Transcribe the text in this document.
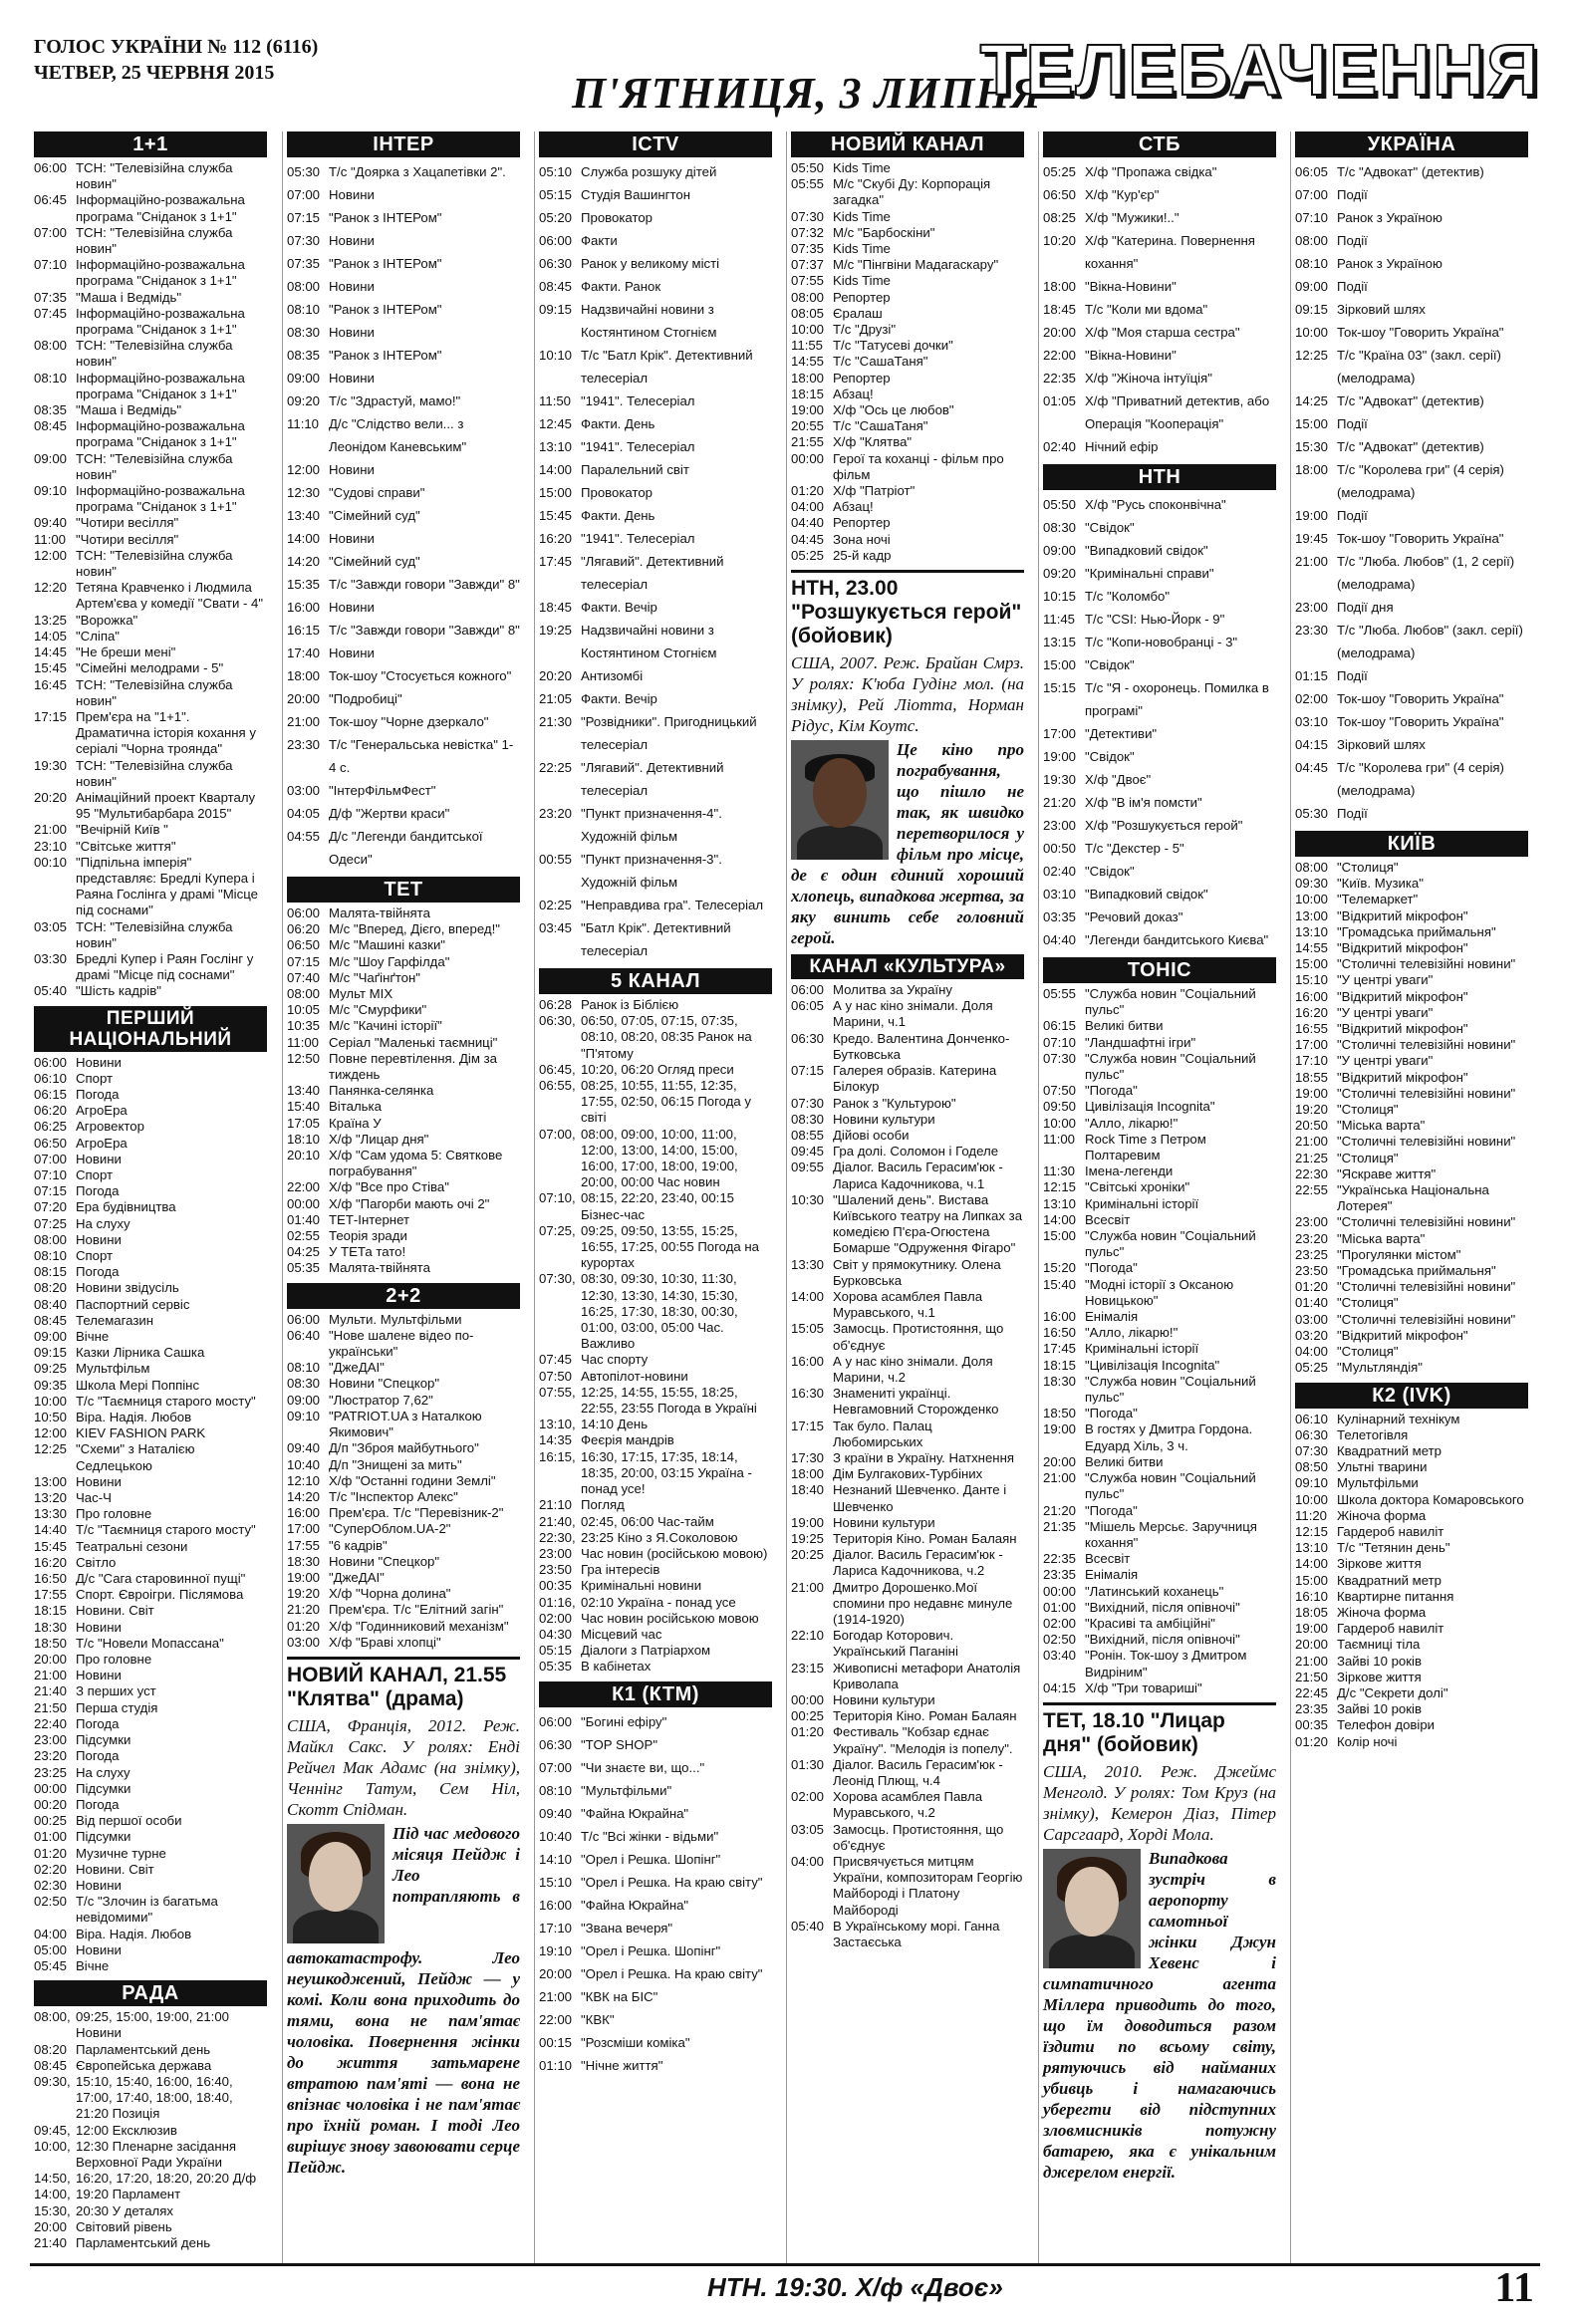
ГОЛОС УКРАЇНИ № 112 (6116)
ЧЕТВЕР, 25 ЧЕРВНЯ 2015	П'ЯТНИЦЯ, 3 ЛИПНЯ
ТЕЛЕБАЧЕННЯ
1+1
06:00 ТСН: "Телевізійна служба новин"
06:45 Інформаційно-розважальна програма "Сніданок з 1+1"
07:00 ТСН: "Телевізійна служба новин"
07:10 Інформаційно-розважальна програма "Сніданок з 1+1"
07:35 "Маша і Ведмідь"
07:45 Інформаційно-розважальна програма "Сніданок з 1+1"
08:00 ТСН: "Телевізійна служба новин"
08:10 Інформаційно-розважальна програма "Сніданок з 1+1"
08:35 "Маша і Ведмідь"
08:45 Інформаційно-розважальна програма "Сніданок з 1+1"
09:00 ТСН: "Телевізійна служба новин"
09:10 Інформаційно-розважальна програма "Сніданок з 1+1"
09:40 "Чотири весілля"
11:00 "Чотири весілля"
12:00 ТСН: "Телевізійна служба новин"
12:20 Тетяна Кравченко і Людмила Артем'єва у комедії "Свати - 4"
13:25 "Ворожка"
14:05 "Сліпа"
14:45 "Не бреши мені"
15:45 "Сімейні мелодрами - 5"
16:45 ТСН: "Телевізійна служба новин"
17:15 Прем'єра на "1+1". Драматична історія кохання у серіалі "Чорна троянда"
19:30 ТСН: "Телевізійна служба новин"
20:20 Анімаційний проект Кварталу 95 "Мультибарбара 2015"
21:00 "Вечірній Київ "
23:10 "Світське життя"
00:10 "Підпільна імперія" представляє: Бредлі Купера і Раяна Гослінга у драмі "Місце під соснами"
03:05 ТСН: "Телевізійна служба новин"
03:30 Бредлі Купер і Раян Гослінг у драмі "Місце під соснами"
05:40 "Шість кадрів"
ПЕРШИЙ НАЦІОНАЛЬНИЙ
06:00 Новини
06:10 Спорт
06:15 Погода
06:20 АгроЕра
06:25 Агровектор
06:50 АгроЕра
07:00 Новини
07:10 Спорт
07:15 Погода
07:20 Ера будівництва
07:25 На слуху
08:00 Новини
08:10 Спорт
08:15 Погода
08:20 Новини звідусіль
08:40 Паспортний сервіс
08:45 Телемагазин
09:00 Вічне
09:15 Казки Лірника Сашка
09:25 Мультфільм
09:35 Школа Мері Поппінс
10:00 Т/с "Таємниця старого мосту"
10:50 Віра. Надія. Любов
12:00 KIEV FASHION PARK
12:25 "Схеми" з Наталією Седлецькою
13:00 Новини
13:20 Час-Ч
13:30 Про головне
14:40 Т/с "Таємниця старого мосту"
15:45 Театральні сезони
16:20 Світло
16:50 Д/с "Сага старовинної пущі"
17:55 Спорт. Євроігри. Післямова
18:15 Новини. Світ
18:30 Новини
18:50 Т/с "Новели Мопассана"
20:00 Про головне
21:00 Новини
21:40 З перших уст
21:50 Перша студія
22:40 Погода
23:00 Підсумки
23:20 Погода
23:25 На слуху
00:00 Підсумки
00:20 Погода
00:25 Від першої особи
01:00 Підсумки
01:20 Музичне турне
02:20 Новини. Світ
02:30 Новини
02:50 Т/с "Злочин із багатьма невідомими"
04:00 Віра. Надія. Любов
05:00 Новини
05:45 Вічне
РАДА
08:00, 09:25, 15:00, 19:00, 21:00 Новини
08:20 Парламентський день
08:45 Європейська держава
09:30, 15:10, 15:40, 16:00, 16:40, 17:00, 17:40, 18:00, 18:40, 21:20 Позиція
09:45, 12:00 Ексклюзив
10:00, 12:30 Пленарне засідання Верховної Ради України
14:50, 16:20, 17:20, 18:20, 20:20 Д/ф
14:00, 19:20 Парламент
15:30, 20:30 У деталях
20:00 Світовий рівень
21:40 Парламентський день
ІНТЕР
05:30 Т/с "Доярка з Хацапетівки 2".
07:00 Новини
07:15 "Ранок з ІНТЕРом"
07:30 Новини
07:35 "Ранок з ІНТЕРом"
08:00 Новини
08:10 "Ранок з ІНТЕРом"
08:30 Новини
08:35 "Ранок з ІНТЕРом"
09:00 Новини
09:20 Т/с "Здрастуй, мамо!"
11:10 Д/с "Слідство вели... з Леонідом Каневським"
12:00 Новини
12:30 "Судові справи"
13:40 "Сімейний суд"
14:00 Новини
14:20 "Сімейний суд"
15:35 Т/с "Завжди говори "Завжди" 8"
16:00 Новини
16:15 Т/с "Завжди говори "Завжди" 8"
17:40 Новини
18:00 Ток-шоу "Стосується кожного"
20:00 "Подробиці"
21:00 Ток-шоу "Чорне дзеркало"
23:30 Т/с "Генеральська невістка" 1-4 с.
03:00 "ІнтерФільмФест"
04:05 Д/ф "Жертви краси"
04:55 Д/с "Легенди бандитської Одеси"
ТЕТ
06:00 Малята-твійнята
06:20 М/с "Вперед, Дієго, вперед!"
06:50 М/с "Машині казки"
07:15 М/с "Шоу Гарфілда"
07:40 М/с "Чаґінґтон"
08:00 Мульт MIX
10:05 М/с "Смурфики"
10:35 М/с "Качині історії"
11:00 Серіал "Маленькі таємниці"
12:50 Повне перевтілення. Дім за тиждень
13:40 Панянка-селянка
15:40 Віталька
17:05 Країна У
18:10 Х/ф "Лицар дня"
20:10 Х/ф "Сам удома 5: Святкове пограбування"
22:00 Х/ф "Все про Стіва"
00:00 Х/ф "Пагорби мають очі 2"
01:40 ТЕТ-Інтернет
02:55 Теорія зради
04:25 У ТЕТа тато!
05:35 Малята-твійнята
2+2
06:00 Мульти. Мультфільми
06:40 "Нове шалене відео по-українськи"
08:10 "ДжеДАІ"
08:30 Новини "Спецкор"
09:00 "Люстратор 7,62"
09:10 "PATRIOT.UA з Наталкою Якимович"
09:40 Д/п "Зброя майбутнього"
10:40 Д/п "Знищені за мить"
12:10 Х/ф "Останні години Землі"
14:20 Т/с "Інспектор Алекс"
16:00 Прем'єра. Т/с "Перевізник-2"
17:00 "СуперОблом.UA-2"
17:55 "6 кадрів"
18:30 Новини "Спецкор"
19:00 "ДжеДАІ"
19:20 Х/ф "Чорна долина"
21:20 Прем'єра. Т/с "Елітний загін"
01:20 Х/ф "Годинниковий механізм"
03:00 Х/ф "Браві хлопці"
НОВИЙ КАНАЛ, 21.55 "Клятва" (драма)
США, Франція, 2012. Реж. Майкл Сакс. У ролях: Енді Рейчел Мак Адамс (на знімку), Ченнінг Татум, Сем Ніл, Скотт Спідман.
Під час медового місяця Пейдж і Лео потрапляють в автокатастрофу. Лео неушкоджений, Пейдж — у комі. Коли вона приходить до тями, вона не пам'ятає чоловіка. Повернення жінки до життя затьмарене втратою пам'яті — вона не впізнає чоловіка і не пам'ятає про їхній роман. І тоді Лео вирішує знову завоювати серце Пейдж.
ICTV
05:10 Служба розшуку дітей
05:15 Студія Вашингтон
05:20 Провокатор
06:00 Факти
06:30 Ранок у великому місті
08:45 Факти. Ранок
09:15 Надзвичайні новини з Костянтином Стогнієм
10:10 Т/с "Батл Крік". Детективний телесеріал
11:50 "1941". Телесеріал
12:45 Факти. День
13:10 "1941". Телесеріал
14:00 Паралельний світ
15:00 Провокатор
15:45 Факти. День
16:20 "1941". Телесеріал
17:45 "Лягавий". Детективний телесеріал
18:45 Факти. Вечір
19:25 Надзвичайні новини з Костянтином Стогнієм
20:20 Антизомбі
21:05 Факти. Вечір
21:30 "Розвідники". Пригодницький телесеріал
22:25 "Лягавий". Детективний телесеріал
23:20 "Пункт призначення-4". Художній фільм
00:55 "Пункт призначення-3". Художній фільм
02:25 "Неправдива гра". Телесеріал
03:45 "Батл Крік". Детективний телесеріал
5 КАНАЛ
06:28 Ранок із Біблією
06:30, 06:50, 07:05, 07:15, 07:35, 08:10, 08:20, 08:35 Ранок на "П'ятому
06:45, 10:20, 06:20 Огляд преси
06:55, 08:25, 10:55, 11:55, 12:35, 17:55, 02:50, 06:15 Погода у світі
07:00, 08:00, 09:00, 10:00, 11:00, 12:00, 13:00, 14:00, 15:00, 16:00, 17:00, 18:00, 19:00, 20:00, 00:00 Час новин
07:10, 08:15, 22:20, 23:40, 00:15 Бізнес-час
07:25, 09:25, 09:50, 13:55, 15:25, 16:55, 17:25, 00:55 Погода на курортах
07:30, 08:30, 09:30, 10:30, 11:30, 12:30, 13:30, 14:30, 15:30, 16:25, 17:30, 18:30, 00:30, 01:00, 03:00, 05:00 Час. Важливо
07:45 Час спорту
07:50 Автопілот-новини
07:55, 12:25, 14:55, 15:55, 18:25, 22:55, 23:55 Погода в Україні
13:10, 14:10 День
14:35 Феєрія мандрів
16:15, 16:30, 17:15, 17:35, 18:14, 18:35, 20:00, 03:15 Україна - понад усе!
21:10 Погляд
21:40, 02:45, 06:00 Час-тайм
22:30, 23:25 Кіно з Я.Соколовою
23:00 Час новин (російською мовою)
23:50 Гра інтересів
00:35 Кримінальні новини
01:16, 02:10 Україна - понад усе
02:00 Час новин російською мовою
04:30 Місцевий час
05:15 Діалоги з Патріархом
05:35 В кабінетах
К1 (КТМ)
06:00 "Богині ефіру"
06:30 "TOP SHOP"
07:00 "Чи знаєте ви, що..."
08:10 "Мультфільми"
09:40 "Файна Юкрайна"
10:40 Т/с "Всі жінки - відьми"
14:10 "Орел і Решка. Шопінг"
15:10 "Орел і Решка. На краю світу"
16:00 "Файна Юкрайна"
17:10 "Звана вечеря"
19:10 "Орел і Решка. Шопінг"
20:00 "Орел і Решка. На краю світу"
21:00 "КВК на БІС"
22:00 "КВК"
00:15 "Розсміши коміка"
01:10 "Нічне життя"
НОВИЙ КАНАЛ
05:50 Kids Time
05:55 М/с "Скубі Ду: Корпорація загадка"
07:30 Kids Time
07:32 М/с "Барбоскіни"
07:35 Kids Time
07:37 М/с "Пінгвіни Мадагаскару"
07:55 Kids Time
08:00 Репортер
08:05 Єралаш
10:00 Т/с "Друзі"
11:55 Т/с "Татусеві дочки"
14:55 Т/с "СашаТаня"
18:00 Репортер
18:15 Абзац!
19:00 Х/ф "Ось це любов"
20:55 Т/с "СашаТаня"
21:55 Х/ф "Клятва"
00:00 Герої та коханці - фільм про фільм
01:20 Х/ф "Патріот"
04:00 Абзац!
04:40 Репортер
04:45 Зона ночі
05:25 25-й кадр
НТН, 23.00 "Розшукується герой" (бойовик)
США, 2007. Реж. Брайан Смрз. У ролях: К'юба Гудінг мол. (на знімку), Рей Ліотта, Норман Рідус, Кім Коутс.
Це кіно про пограбування, що пішло не так, як швидко перетворилося у фільм про місце, де є один єдиний хороший хлопець, випадкова жертва, за яку винить себе головний герой.
КАНАЛ «КУЛЬТУРА»
06:00 Молитва за Україну
06:05 А у нас кіно знімали. Доля Марини, ч.1
06:30 Кредо. Валентина Донченко-Бутковська
07:15 Галерея образів. Катерина Білокур
07:30 Ранок з "Культурою"
08:30 Новини культури
08:55 Дійові особи
09:45 Гра долі. Соломон і Годеле
09:55 Діалог. Василь Герасим'юк - Лариса Кадочникова, ч.1
10:30 "Шалений день". Вистава Київського театру на Липках за комедією П'єра-Огюстена Бомарше "Одруження Фігаро"
13:30 Світ у прямокутнику. Олена Бурковська
14:00 Хорова асамблея Павла Муравського, ч.1
15:05 Замосць. Протистояння, що об'єднує
16:00 А у нас кіно знімали. Доля Марини, ч.2
16:30 Знамениті українці. Невгамовний Сторожденко
17:15 Так було. Палац Любомирських
17:30 З країни в Україну. Натхнення
18:00 Дім Булгакових-Турбіних
18:40 Незнаний Шевченко. Данте і Шевченко
19:00 Новини культури
19:25 Територія Кіно. Роман Балаян
20:25 Діалог. Василь Герасим'юк - Лариса Кадочникова, ч.2
21:00 Дмитро Дорошенко.Мої спомини про недавнє минуле (1914-1920)
22:10 Богодар Которович. Український Паганіні
23:15 Живописні метафори Анатолія Криволапа
00:00 Новини культури
00:25 Територія Кіно. Роман Балаян
01:20 Фестиваль "Кобзар єднає Україну". "Мелодія із попелу".
01:30 Діалог. Василь Герасим'юк - Леонід Плющ, ч.4
02:00 Хорова асамблея Павла Муравського, ч.2
03:05 Замосць. Протистояння, що об'єднує
04:00 Присвячується митцям України, композиторам Георгію Майбороді і Платону Майбороді
05:40 В Українському морі. Ганна Застаєська
СТБ
05:25 Х/ф "Пропажа свідка"
06:50 Х/ф "Кур'єр"
08:25 Х/ф "Мужики!.."
10:20 Х/ф "Катерина. Повернення кохання"
18:00 "Вікна-Новини"
18:45 Т/с "Коли ми вдома"
20:00 Х/ф "Моя старша сестра"
22:00 "Вікна-Новини"
22:35 Х/ф "Жіноча інтуїція"
01:05 Х/ф "Приватний детектив, або Операція "Кооперація"
02:40 Нічний ефір
НТН
05:50 Х/ф "Русь споконвічна"
08:30 "Свідок"
09:00 "Випадковий свідок"
09:20 "Кримінальні справи"
10:15 Т/с "Коломбо"
11:45 Т/с "CSI: Нью-Йорк - 9"
13:15 Т/с "Копи-новобранці - 3"
15:00 "Свідок"
15:15 Т/с "Я - охоронець. Помилка в програмі"
17:00 "Детективи"
19:00 "Свідок"
19:30 Х/ф "Двоє"
21:20 Х/ф "В ім'я помсти"
23:00 Х/ф "Розшукується герой"
00:50 Т/с "Декстер - 5"
02:40 "Свідок"
03:10 "Випадковий свідок"
03:35 "Речовий доказ"
04:40 "Легенди бандитського Києва"
ТОНІС
05:55 "Служба новин "Соціальний пульс"
06:15 Великі битви
07:10 "Ландшафтні ігри"
07:30 "Служба новин "Соціальний пульс"
07:50 "Погода"
09:50 Цивілізація Incognita"
10:00 "Алло, лікарю!"
11:00 Rock Time з Петром Полтаревим
11:30 Імена-легенди
12:15 "Світські хроніки"
13:10 Кримінальні історії
14:00 Всесвіт
15:00 "Служба новин "Соціальний пульс"
15:20 "Погода"
15:40 "Модні історії з Оксаною Новицькою"
16:00 Енімалія
16:50 "Алло, лікарю!"
17:45 Кримінальні історії
18:15 "Цивілізація Incognita"
18:30 "Служба новин "Соціальний пульс"
18:50 "Погода"
19:00 В гостях у Дмитра Гордона. Едуард Хіль, 3 ч.
20:00 Великі битви
21:00 "Служба новин "Соціальний пульс"
21:20 "Погода"
21:35 "Мішель Мерсьє. Заручниця кохання"
22:35 Всесвіт
23:35 Енімалія
00:00 "Латинський коханець"
01:00 "Вихідний, після опівночі"
02:00 "Красиві та амбіційні"
02:50 "Вихідний, після опівночі"
03:40 "Ронін. Ток-шоу з Дмитром Видріним"
04:15 Х/ф "Три товариші"
ТЕТ, 18.10 "Лицар дня" (бойовик)
США, 2010. Реж. Джеймс Менголд. У ролях: Том Круз (на знімку), Кемерон Діаз, Пітер Сарсгаард, Хорді Мола.
Випадкова зустріч в аеропорту самотньої жінки Джун Хевенс і симпатичного агента Міллера приводить до того, що їм доводиться разом їздити по всьому світу, рятуючись від найманих убивць і намагаючись уберегти від підступних зловмисників потужну батарею, яка є унікальним джерелом енергії.
УКРАЇНА
06:05 Т/с "Адвокат" (детектив)
07:00 Події
07:10 Ранок з Україною
08:00 Події
08:10 Ранок з Україною
09:00 Події
09:15 Зірковий шлях
10:00 Ток-шоу "Говорить Україна"
12:25 Т/с "Країна 03" (закл. серії) (мелодрама)
14:25 Т/с "Адвокат" (детектив)
15:00 Події
15:30 Т/с "Адвокат" (детектив)
18:00 Т/с "Королева гри" (4 серія) (мелодрама)
19:00 Події
19:45 Ток-шоу "Говорить Україна"
21:00 Т/с "Люба. Любов" (1, 2 серії) (мелодрама)
23:00 Події дня
23:30 Т/с "Люба. Любов" (закл. серії) (мелодрама)
01:15 Події
02:00 Ток-шоу "Говорить Україна"
03:10 Ток-шоу "Говорить Україна"
04:15 Зірковий шлях
04:45 Т/с "Королева гри" (4 серія) (мелодрама)
05:30 Події
КИЇВ
08:00 "Столиця"
09:30 "Київ. Музика"
10:00 "Телемаркет"
13:00 "Відкритий мікрофон"
13:10 "Громадська приймальня"
14:55 "Відкритий мікрофон"
15:00 "Столичні телевізійні новини"
15:10 "У центрі уваги"
16:00 "Відкритий мікрофон"
16:20 "У центрі уваги"
16:55 "Відкритий мікрофон"
17:00 "Столичні телевізійні новини"
17:10 "У центрі уваги"
18:55 "Відкритий мікрофон"
19:00 "Столичні телевізійні новини"
19:20 "Столиця"
20:50 "Міська варта"
21:00 "Столичні телевізійні новини"
21:25 "Столиця"
22:30 "Яскраве життя"
22:55 "Українська Національна Лотерея"
23:00 "Столичні телевізійні новини"
23:20 "Міська варта"
23:25 "Прогулянки містом"
23:50 "Громадська приймальня"
01:20 "Столичні телевізійні новини"
01:40 "Столиця"
03:00 "Столичні телевізійні новини"
03:20 "Відкритий мікрофон"
04:00 "Столиця"
05:25 "Мультляндія"
К2 (IVK)
06:10 Кулінарний технікум
06:30 Телетогівля
07:30 Квадратний метр
08:50 Ультні тварини
09:10 Мультфільми
10:00 Школа доктора Комаровського
11:20 Жіноча форма
12:15 Гардероб навиліт
13:10 Т/с "Тетянин день"
14:00 Зіркове життя
15:00 Квадратний метр
16:10 Квартирне питання
18:05 Жіноча форма
19:00 Гардероб навиліт
20:00 Таємниці тіла
21:00 Зайві 10 років
21:50 Зіркове життя
22:45 Д/с "Секрети долі"
23:35 Зайві 10 років
00:35 Телефон довіри
01:20 Колір ночі
НТН. 19:30. Х/ф «Двоє»	11
